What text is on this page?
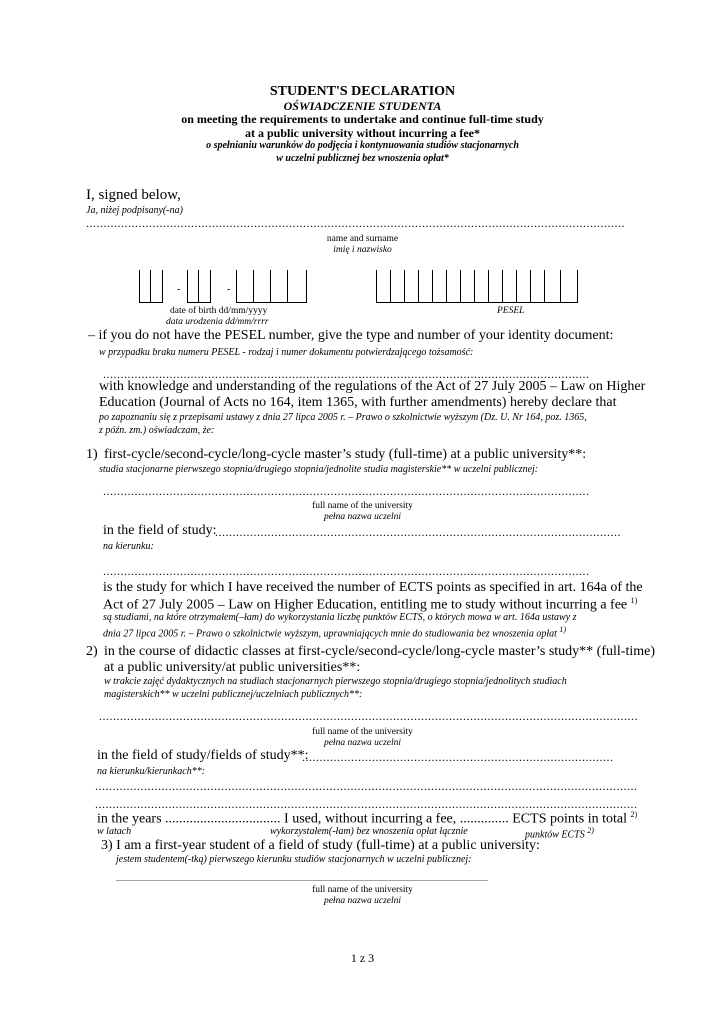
STUDENT'S DECLARATION
OŚWIADCZENIE STUDENTA
on meeting the requirements to undertake and continue full-time study
at a public university without incurring a fee*
o spełnianiu warunków do podjęcia i kontynuowania studiów stacjonarnych
w uczelni publicznej bez wnoszenia opłat*
I, signed below,
Ja, niżej podpisany(-na)
..........................................................................................................................................................
name and surname
imię i nazwisko
-	-
date of birth dd/mm/yyyy
data urodzenia dd/mm/rrrr
PESEL
– if you do not have the PESEL number, give the type and number of your identity document:
w przypadku braku numeru PESEL - rodzaj i numer dokumentu potwierdzającego tożsamość:
...........................................................................................................................................
with knowledge and understanding of the regulations of the Act of 27 July 2005 – Law on Higher
Education (Journal of Acts no 164, item 1365, with further amendments) hereby declare that
po zapoznaniu się z przepisami ustawy z dnia 27 lipca 2005 r. – Prawo o szkolnictwie wyższym (Dz. U. Nr 164, poz. 1365,
z późn. zm.) oświadczam, że:
1) first-cycle/second-cycle/long-cycle master’s study (full-time) at a public university**:
studia stacjonarne pierwszego stopnia/drugiego stopnia/jednolite studia magisterskie** w uczelni publicznej:
...........................................................................................................................................
full name of the university
pełna nazwa uczelni
in the field of study:
....................................................................................................................
na kierunku:
...........................................................................................................................................
is the study for which I have received the number of ECTS points as specified in art. 164a of the
Act of 27 July 2005 – Law on Higher Education, entitling me to study without incurring a fee $^{1)}$
są studiami, na które otrzymałem(–łam) do wykorzystania liczbę punktów ECTS, o których mowa w art. 164a ustawy z
dnia 27 lipca 2005 r. – Prawo o szkolnictwie wyższym, uprawniających mnie do studiowania bez wnoszenia opłat $^{1)}$
2) in the course of didactic classes at first-cycle/second-cycle/long-cycle master’s study** (full-time)
at a public university/at public universities**:
w trakcie zajęć dydaktycznych na studiach stacjonarnych pierwszego stopnia/drugiego stopnia/jednolitych studiach
magisterskich** w uczelni publicznej/uczelniach publicznych**:
..........................................................................................................................................................
full name of the university
pełna nazwa uczelni
in the field of study/fields of study**:
.........................................................................................
na kierunku/kierunkach**:
...........................................................................................................................................................
...........................................................................................................................................................
in the years ................................. I used, without incurring a fee, .............. ECTS points in total $^{2)}$
w latach	wykorzystałem(-łam) bez wnoszenia opłat łącznie	punktów ECTS $^{2)}$
3) I am a first-year student of a field of study (full-time) at a public university:
jestem studentem(-tką) pierwszego kierunku studiów stacjonarnych w uczelni publicznej:
..........................................................................................................................................................................................
full name of the university
pełna nazwa uczelni
1 z 3
